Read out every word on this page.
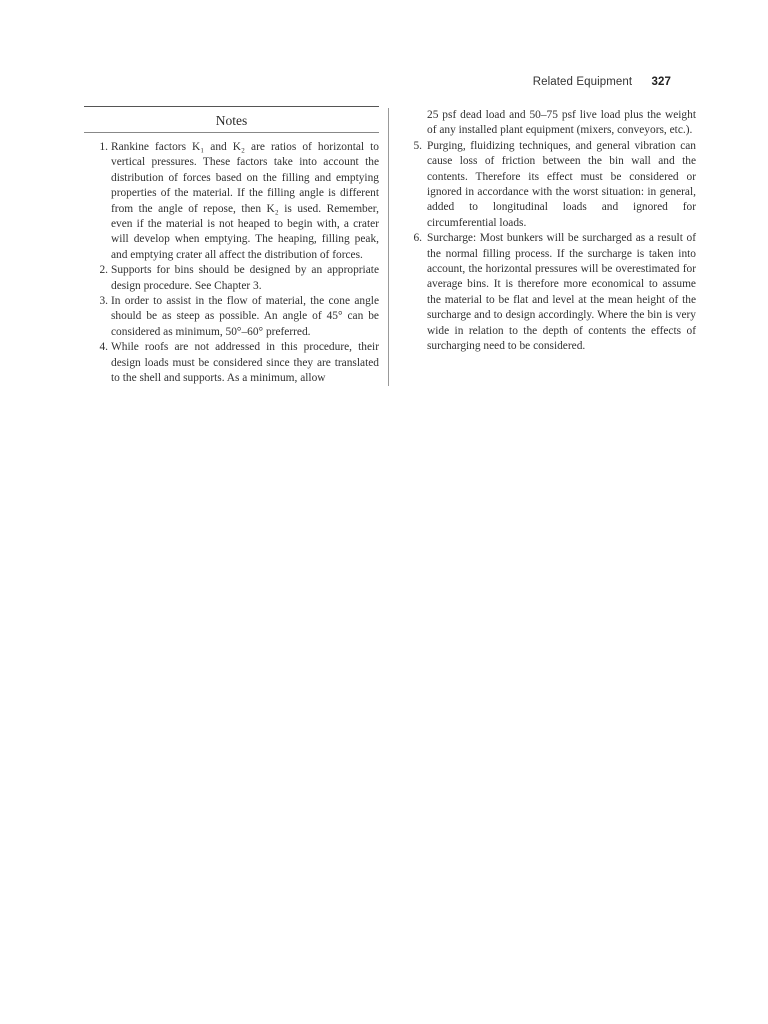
Related Equipment 327
Notes
1. Rankine factors K₁ and K₂ are ratios of horizontal to vertical pressures. These factors take into account the distribution of forces based on the filling and emptying properties of the material. If the filling angle is different from the angle of repose, then K₂ is used. Remember, even if the material is not heaped to begin with, a crater will develop when emptying. The heaping, filling peak, and emptying crater all affect the distribution of forces.
2. Supports for bins should be designed by an appropriate design procedure. See Chapter 3.
3. In order to assist in the flow of material, the cone angle should be as steep as possible. An angle of 45° can be considered as minimum, 50°–60° preferred.
4. While roofs are not addressed in this procedure, their design loads must be considered since they are translated to the shell and supports. As a minimum, allow
25 psf dead load and 50–75 psf live load plus the weight of any installed plant equipment (mixers, conveyors, etc.).
5. Purging, fluidizing techniques, and general vibration can cause loss of friction between the bin wall and the contents. Therefore its effect must be considered or ignored in accordance with the worst situation: in general, added to longitudinal loads and ignored for circumferential loads.
6. Surcharge: Most bunkers will be surcharged as a result of the normal filling process. If the surcharge is taken into account, the horizontal pressures will be overestimated for average bins. It is therefore more economical to assume the material to be flat and level at the mean height of the surcharge and to design accordingly. Where the bin is very wide in relation to the depth of contents the effects of surcharging need to be considered.
